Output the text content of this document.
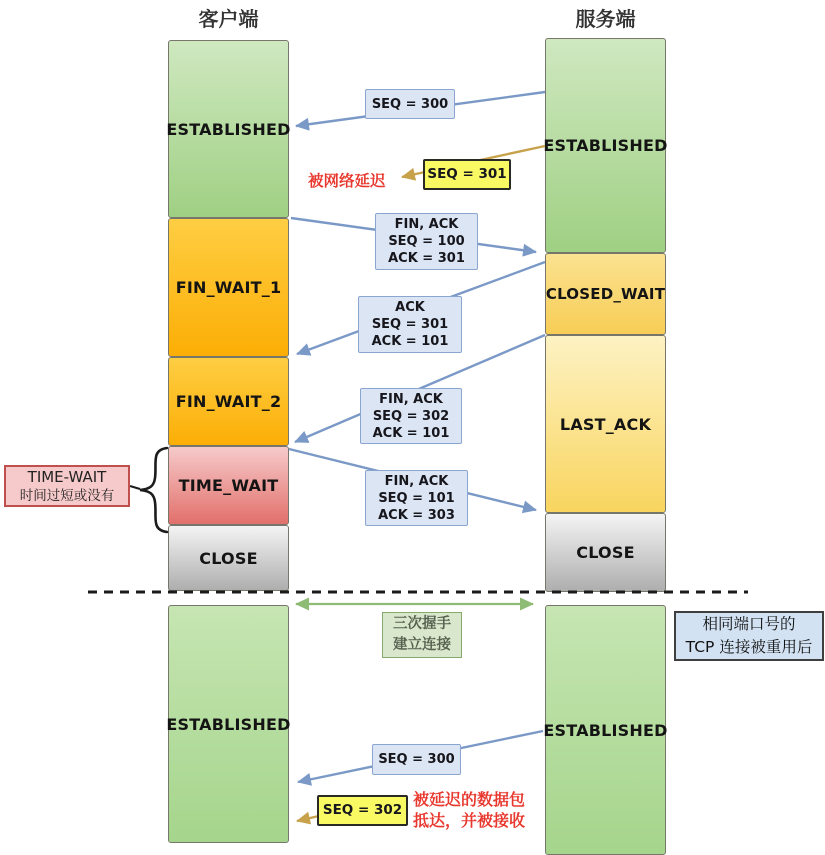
客户端	服务端
ESTABLISHED
FIN_WAIT_1
FIN_WAIT_2
TIME_WAIT
CLOSE
ESTABLISHED
CLOSED_WAIT
LAST_ACK
CLOSE
ESTABLISHED	ESTABLISHED
SEQ = 300
SEQ = 301
FIN, ACK
SEQ = 100
ACK = 301
ACK
SEQ = 301
ACK = 101
FIN, ACK
SEQ = 302
ACK = 101
FIN, ACK
SEQ = 101
ACK = 303
SEQ = 300
SEQ = 302
被网络延迟
TIME-WAIT
时间过短或没有
三次握手
建立连接
相同端口号的
TCP 连接被重用后
被延迟的数据包
抵达，并被接收
